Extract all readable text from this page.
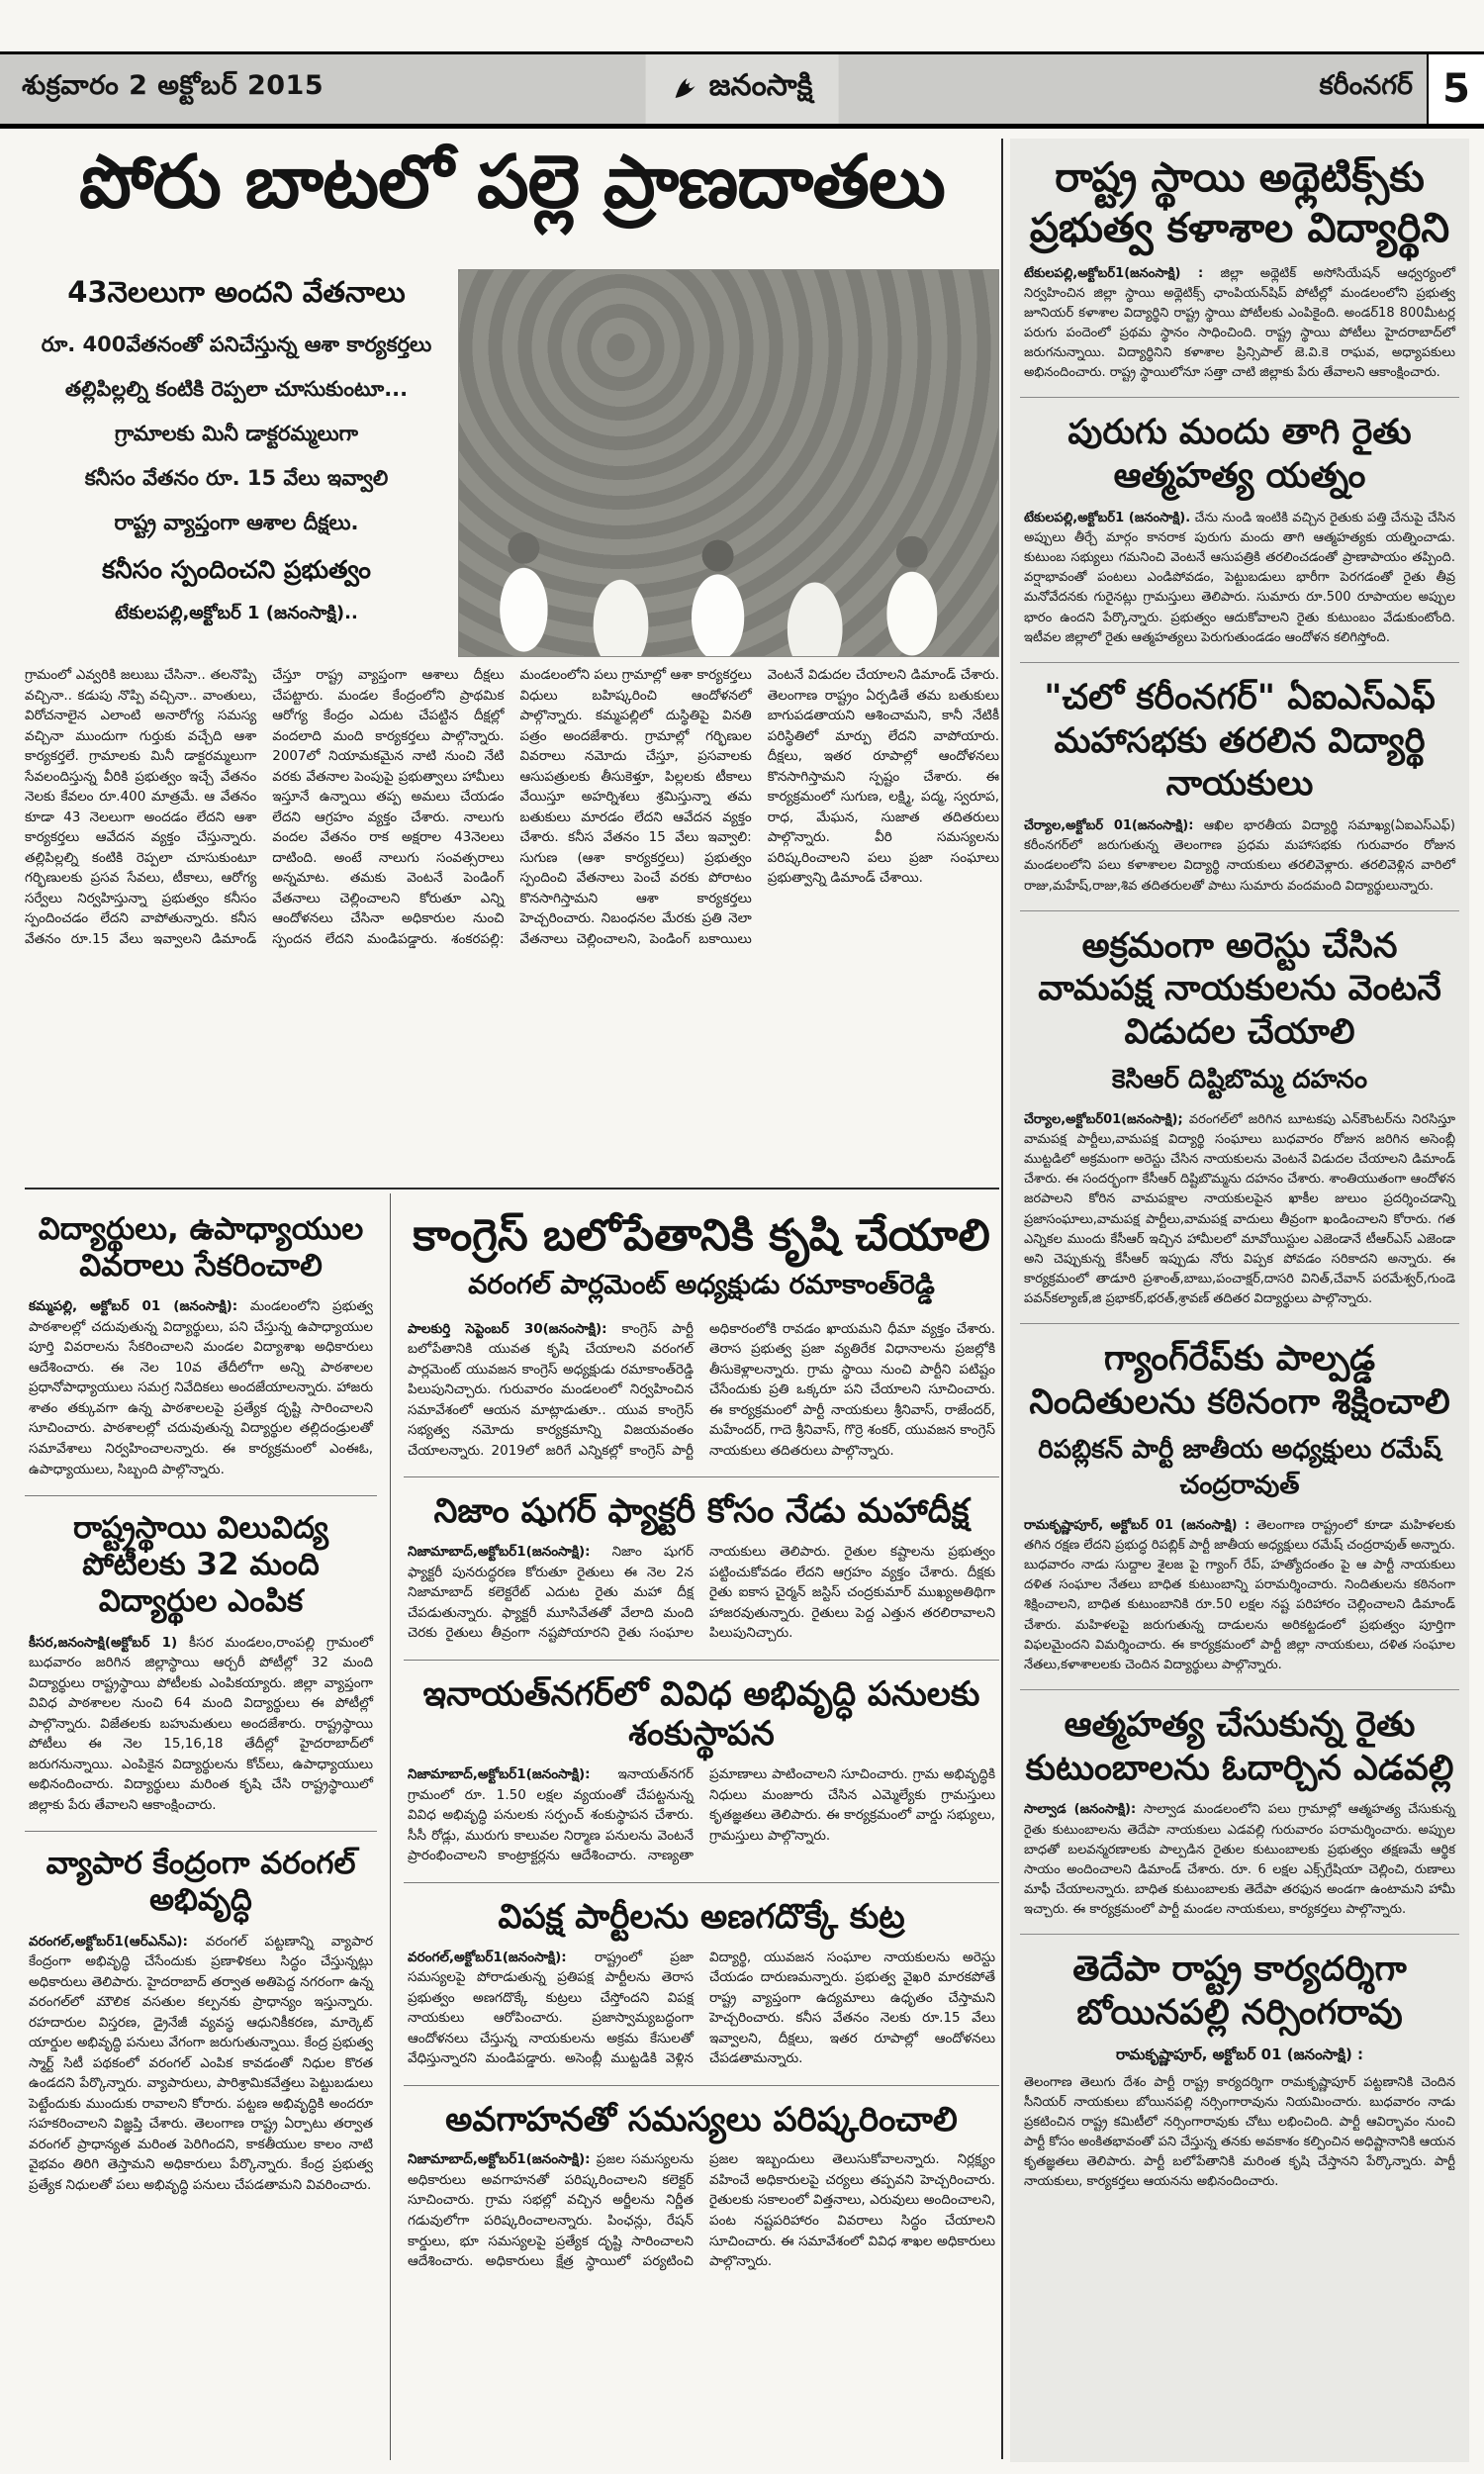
శుక్రవారం 2 అక్టోబర్ 2015	జనంసాక్షి	కరీంనగర్ 5
పోరు బాటలో పల్లె ప్రాణదాతలు
43నెలలుగా అందని వేతనాలు
రూ. 400వేతనంతో పనిచేస్తున్న ఆశా కార్యకర్తలు
తల్లిపిల్లల్ని కంటికి రెప్పలా చూసుకుంటూ...
గ్రామాలకు మినీ డాక్టరమ్మలుగా
కనీసం వేతనం రూ. 15 వేలు ఇవ్వాలి
రాష్ట్ర వ్యాప్తంగా ఆశాల దీక్షలు.
కనీసం స్పందించని ప్రభుత్వం
టేకులపల్లి,అక్టోబర్ 1 (జనంసాక్షి)..

గ్రామంలో ఎవ్వరికి జలుబు చేసినా.. తలనొప్పి వచ్చినా.. కడుపు నొప్పి వచ్చినా.. వాంతులు, విరోచనాలైన ఎలాంటి అనారోగ్య సమస్య వచ్చినా ముందుగా గుర్తుకు వచ్చేది ఆశా కార్యకర్తలే. గ్రామాలకు మినీ డాక్టరమ్మలుగా సేవలందిస్తున్న వీరికి ప్రభుత్వం ఇచ్చే వేతనం నెలకు కేవలం రూ.400 మాత్రమే. ఆ వేతనం కూడా 43 నెలలుగా అందడం లేదని ఆశా కార్యకర్తలు ఆవేదన వ్యక్తం చేస్తున్నారు. తల్లిపిల్లల్ని కంటికి రెప్పలా చూసుకుంటూ గర్భిణులకు ప్రసవ సేవలు, టీకాలు, ఆరోగ్య సర్వేలు నిర్వహిస్తున్నా ప్రభుత్వం కనీసం స్పందించడం లేదని వాపోతున్నారు. కనీస వేతనం రూ.15 వేలు ఇవ్వాలని డిమాండ్ చేస్తూ రాష్ట్ర వ్యాప్తంగా ఆశాలు దీక్షలు చేపట్టారు. మండల కేంద్రంలోని ప్రాథమిక ఆరోగ్య కేంద్రం ఎదుట చేపట్టిన దీక్షల్లో వందలాది మంది కార్యకర్తలు పాల్గొన్నారు. 2007లో నియామకమైన నాటి నుంచి నేటి వరకు వేతనాల పెంపుపై ప్రభుత్వాలు హామీలు ఇస్తూనే ఉన్నాయి తప్ప అమలు చేయడం లేదని ఆగ్రహం వ్యక్తం చేశారు. నాలుగు వందల వేతనం రాక అక్షరాల 43నెలలు దాటింది. అంటే నాలుగు సంవత్సరాలు అన్నమాట. తమకు వెంటనే పెండింగ్ వేతనాలు చెల్లించాలని కోరుతూ ఎన్ని ఆందోళనలు చేసినా అధికారుల నుంచి స్పందన లేదని మండిపడ్డారు. శంకరపల్లి: మండలంలోని పలు గ్రామాల్లో ఆశా కార్యకర్తలు విధులు బహిష్కరించి ఆందోళనలో పాల్గొన్నారు. కమ్మపల్లిలో దుస్థితిపై వినతి పత్రం అందజేశారు. గ్రామాల్లో గర్భిణుల వివరాలు నమోదు చేస్తూ, ప్రసవాలకు ఆసుపత్రులకు తీసుకెళ్తూ, పిల్లలకు టీకాలు వేయిస్తూ అహర్నిశలు శ్రమిస్తున్నా తమ బతుకులు మారడం లేదని ఆవేదన వ్యక్తం చేశారు. కనీస వేతనం 15 వేలు ఇవ్వాలి: సుగుణ (ఆశా కార్యకర్తలు) ప్రభుత్వం స్పందించి వేతనాలు పెంచే వరకు పోరాటం కొనసాగిస్తామని ఆశా కార్యకర్తలు హెచ్చరించారు. నిబంధనల మేరకు ప్రతి నెలా వేతనాలు చెల్లించాలని, పెండింగ్ బకాయిలు వెంటనే విడుదల చేయాలని డిమాండ్ చేశారు. తెలంగాణ రాష్ట్రం ఏర్పడితే తమ బతుకులు బాగుపడతాయని ఆశించామని, కానీ నేటికీ పరిస్థితిలో మార్పు లేదని వాపోయారు. దీక్షలు, ఇతర రూపాల్లో ఆందోళనలు కొనసాగిస్తామని స్పష్టం చేశారు. ఈ కార్యక్రమంలో సుగుణ, లక్ష్మి, పద్మ, స్వరూప, రాధ, మేఘన, సుజాత తదితరులు పాల్గొన్నారు. వీరి సమస్యలను పరిష్కరించాలని పలు ప్రజా సంఘాలు ప్రభుత్వాన్ని డిమాండ్ చేశాయి.

విద్యార్థులు, ఉపాధ్యాయుల వివరాలు సేకరించాలి

కమ్మపల్లి, అక్టోబర్ 01 (జనంసాక్షి): మండలంలోని ప్రభుత్వ పాఠశాలల్లో చదువుతున్న విద్యార్థులు, పని చేస్తున్న ఉపాధ్యాయుల పూర్తి వివరాలను సేకరించాలని మండల విద్యాశాఖ అధికారులు ఆదేశించారు. ఈ నెల 10వ తేదీలోగా అన్ని పాఠశాలల ప్రధానోపాధ్యాయులు సమగ్ర నివేదికలు అందజేయాలన్నారు. హాజరు శాతం తక్కువగా ఉన్న పాఠశాలలపై ప్రత్యేక దృష్టి సారించాలని సూచించారు. పాఠశాలల్లో చదువుతున్న విద్యార్థుల తల్లిదండ్రులతో సమావేశాలు నిర్వహించాలన్నారు. ఈ కార్యక్రమంలో ఎంఈఓ, ఉపాధ్యాయులు, సిబ్బంది పాల్గొన్నారు.

రాష్ట్రస్థాయి విలువిద్య పోటీలకు 32 మంది విద్యార్థుల ఎంపిక

కీసర,జనంసాక్షి(అక్టోబర్ 1) కీసర మండలం,రాంపల్లి గ్రామంలో బుధవారం జరిగిన జిల్లాస్థాయి ఆర్చరీ పోటీల్లో 32 మంది విద్యార్థులు రాష్ట్రస్థాయి పోటీలకు ఎంపికయ్యారు. జిల్లా వ్యాప్తంగా వివిధ పాఠశాలల నుంచి 64 మంది విద్యార్థులు ఈ పోటీల్లో పాల్గొన్నారు. విజేతలకు బహుమతులు అందజేశారు. రాష్ట్రస్థాయి పోటీలు ఈ నెల 15,16,18 తేదీల్లో హైదరాబాద్‌లో జరుగనున్నాయి. ఎంపికైన విద్యార్థులను కోచ్‌లు, ఉపాధ్యాయులు అభినందించారు. విద్యార్థులు మరింత కృషి చేసి రాష్ట్రస్థాయిలో జిల్లాకు పేరు తేవాలని ఆకాంక్షించారు.

వ్యాపార కేంద్రంగా వరంగల్ అభివృద్ధి

వరంగల్,అక్టోబర్1(ఆర్ఎన్ఎ): వరంగల్ పట్టణాన్ని వ్యాపార కేంద్రంగా అభివృద్ధి చేసేందుకు ప్రణాళికలు సిద్ధం చేస్తున్నట్లు అధికారులు తెలిపారు. హైదరాబాద్ తర్వాత అతిపెద్ద నగరంగా ఉన్న వరంగల్‌లో మౌలిక వసతుల కల్పనకు ప్రాధాన్యం ఇస్తున్నారు. రహదారుల విస్తరణ, డ్రైనేజీ వ్యవస్థ ఆధునికీకరణ, మార్కెట్ యార్డుల అభివృద్ధి పనులు వేగంగా జరుగుతున్నాయి. కేంద్ర ప్రభుత్వ స్మార్ట్ సిటీ పథకంలో వరంగల్ ఎంపిక కావడంతో నిధుల కొరత ఉండదని పేర్కొన్నారు. వ్యాపారులు, పారిశ్రామికవేత్తలు పెట్టుబడులు పెట్టేందుకు ముందుకు రావాలని కోరారు. పట్టణ అభివృద్ధికి అందరూ సహకరించాలని విజ్ఞప్తి చేశారు. తెలంగాణ రాష్ట్ర ఏర్పాటు తర్వాత వరంగల్ ప్రాధాన్యత మరింత పెరిగిందని, కాకతీయుల కాలం నాటి వైభవం తిరిగి తెస్తామని అధికారులు పేర్కొన్నారు. కేంద్ర ప్రభుత్వ ప్రత్యేక నిధులతో పలు అభివృద్ధి పనులు చేపడతామని వివరించారు.

కాంగ్రెస్ బలోపేతానికి కృషి చేయాలి
వరంగల్ పార్లమెంట్ అధ్యక్షుడు రమాకాంత్‌రెడ్డి

పాలకుర్తి సెప్టెంబర్ 30(జనంసాక్షి): కాంగ్రెస్ పార్టీ బలోపేతానికి యువత కృషి చేయాలని వరంగల్ పార్లమెంట్ యువజన కాంగ్రెస్ అధ్యక్షుడు రమాకాంత్‌రెడ్డి పిలుపునిచ్చారు. గురువారం మండలంలో నిర్వహించిన సమావేశంలో ఆయన మాట్లాడుతూ.. యువ కాంగ్రెస్ సభ్యత్వ నమోదు కార్యక్రమాన్ని విజయవంతం చేయాలన్నారు. 2019లో జరిగే ఎన్నికల్లో కాంగ్రెస్ పార్టీ అధికారంలోకి రావడం ఖాయమని ధీమా వ్యక్తం చేశారు. తెరాస ప్రభుత్వ ప్రజా వ్యతిరేక విధానాలను ప్రజల్లోకి తీసుకెళ్లాలన్నారు. గ్రామ స్థాయి నుంచి పార్టీని పటిష్టం చేసేందుకు ప్రతి ఒక్కరూ పని చేయాలని సూచించారు. ఈ కార్యక్రమంలో పార్టీ నాయకులు శ్రీనివాస్, రాజేందర్, మహేందర్, గాదె శ్రీనివాస్, గొర్రె శంకర్, యువజన కాంగ్రెస్ నాయకులు తదితరులు పాల్గొన్నారు.

నిజాం షుగర్ ఫ్యాక్టరీ కోసం నేడు మహాదీక్ష

నిజామాబాద్,అక్టోబర్1(జనంసాక్షి): నిజాం షుగర్ ఫ్యాక్టరీ పునరుద్ధరణ కోరుతూ రైతులు ఈ నెల 2న నిజామాబాద్ కలెక్టరేట్ ఎదుట రైతు మహా దీక్ష చేపడుతున్నారు. ఫ్యాక్టరీ మూసివేతతో వేలాది మంది చెరకు రైతులు తీవ్రంగా నష్టపోయారని రైతు సంఘాల నాయకులు తెలిపారు. రైతుల కష్టాలను ప్రభుత్వం పట్టించుకోవడం లేదని ఆగ్రహం వ్యక్తం చేశారు. దీక్షకు రైతు ఐకాస చైర్మన్ జస్టిస్ చంద్రకుమార్ ముఖ్యఅతిథిగా హాజరవుతున్నారు. రైతులు పెద్ద ఎత్తున తరలిరావాలని పిలుపునిచ్చారు.

ఇనాయత్‌నగర్‌లో వివిధ అభివృద్ధి పనులకు శంకుస్థాపన

నిజామాబాద్,అక్టోబర్1(జనంసాక్షి): ఇనాయత్‌నగర్ గ్రామంలో రూ. 1.50 లక్షల వ్యయంతో చేపట్టనున్న వివిధ అభివృద్ధి పనులకు సర్పంచ్ శంకుస్థాపన చేశారు. సీసీ రోడ్లు, మురుగు కాలువల నిర్మాణ పనులను వెంటనే ప్రారంభించాలని కాంట్రాక్టర్లను ఆదేశించారు. నాణ్యతా ప్రమాణాలు పాటించాలని సూచించారు. గ్రామ అభివృద్ధికి నిధులు మంజూరు చేసిన ఎమ్మెల్యేకు గ్రామస్తులు కృతజ్ఞతలు తెలిపారు. ఈ కార్యక్రమంలో వార్డు సభ్యులు, గ్రామస్తులు పాల్గొన్నారు.

విపక్ష పార్టీలను అణగదొక్కే కుట్ర

వరంగల్,అక్టోబర్1(జనంసాక్షి): రాష్ట్రంలో ప్రజా సమస్యలపై పోరాడుతున్న ప్రతిపక్ష పార్టీలను తెరాస ప్రభుత్వం అణగదొక్కే కుట్రలు చేస్తోందని విపక్ష నాయకులు ఆరోపించారు. ప్రజాస్వామ్యబద్ధంగా ఆందోళనలు చేస్తున్న నాయకులను అక్రమ కేసులతో వేధిస్తున్నారని మండిపడ్డారు. అసెంబ్లీ ముట్టడికి వెళ్లిన విద్యార్థి, యువజన సంఘాల నాయకులను అరెస్టు చేయడం దారుణమన్నారు. ప్రభుత్వ వైఖరి మారకపోతే రాష్ట్ర వ్యాప్తంగా ఉద్యమాలు ఉధృతం చేస్తామని హెచ్చరించారు. కనీస వేతనం నెలకు రూ.15 వేలు ఇవ్వాలని, దీక్షలు, ఇతర రూపాల్లో ఆందోళనలు చేపడతామన్నారు.

అవగాహనతో సమస్యలు పరిష్కరించాలి

నిజామాబాద్,అక్టోబర్1(జనంసాక్షి): ప్రజల సమస్యలను అధికారులు అవగాహనతో పరిష్కరించాలని కలెక్టర్ సూచించారు. గ్రామ సభల్లో వచ్చిన అర్జీలను నిర్ణీత గడువులోగా పరిష్కరించాలన్నారు. పింఛన్లు, రేషన్ కార్డులు, భూ సమస్యలపై ప్రత్యేక దృష్టి సారించాలని ఆదేశించారు. అధికారులు క్షేత్ర స్థాయిలో పర్యటించి ప్రజల ఇబ్బందులు తెలుసుకోవాలన్నారు. నిర్లక్ష్యం వహించే అధికారులపై చర్యలు తప్పవని హెచ్చరించారు. రైతులకు సకాలంలో విత్తనాలు, ఎరువులు అందించాలని, పంట నష్టపరిహారం వివరాలు సిద్ధం చేయాలని సూచించారు. ఈ సమావేశంలో వివిధ శాఖల అధికారులు పాల్గొన్నారు.

రాష్ట్ర స్థాయి అథ్లెటిక్స్‌కు ప్రభుత్వ కళాశాల విద్యార్థిని

టేకులపల్లి,అక్టోబర్1(జనంసాక్షి) : జిల్లా అథ్లెటిక్ అసోసియేషన్ ఆధ్వర్యంలో నిర్వహించిన జిల్లా స్థాయి అథ్లెటిక్స్ ఛాంపియన్‌షిప్ పోటీల్లో మండలంలోని ప్రభుత్వ జూనియర్ కళాశాల విద్యార్థిని రాష్ట్ర స్థాయి పోటీలకు ఎంపికైంది. అండర్18 800మీటర్ల పరుగు పందెంలో ప్రథమ స్థానం సాధించింది. రాష్ట్ర స్థాయి పోటీలు హైదరాబాద్‌లో జరుగనున్నాయి. విద్యార్థినిని కళాశాల ప్రిన్సిపాల్ జె.వి.కె రాఘవ, అధ్యాపకులు అభినందించారు. రాష్ట్ర స్థాయిలోనూ సత్తా చాటి జిల్లాకు పేరు తేవాలని ఆకాంక్షించారు.

పురుగు మందు తాగి రైతు ఆత్మహత్య యత్నం

టేకులపల్లి,అక్టోబర్1 (జనంసాక్షి). చేను నుండి ఇంటికి వచ్చిన రైతుకు పత్తి చేనుపై చేసిన అప్పులు తీర్చే మార్గం కానరాక పురుగు మందు తాగి ఆత్మహత్యకు యత్నించాడు. కుటుంబ సభ్యులు గమనించి వెంటనే ఆసుపత్రికి తరలించడంతో ప్రాణాపాయం తప్పింది. వర్షాభావంతో పంటలు ఎండిపోవడం, పెట్టుబడులు భారీగా పెరగడంతో రైతు తీవ్ర మనోవేదనకు గురైనట్లు గ్రామస్తులు తెలిపారు. సుమారు రూ.500 రూపాయల అప్పుల భారం ఉందని పేర్కొన్నారు. ప్రభుత్వం ఆదుకోవాలని రైతు కుటుంబం వేడుకుంటోంది. ఇటీవల జిల్లాలో రైతు ఆత్మహత్యలు పెరుగుతుండడం ఆందోళన కలిగిస్తోంది.

"చలో కరీంనగర్" ఏఐఎస్ఎఫ్ మహాసభకు తరలిన విద్యార్థి నాయకులు

చేర్యాల,అక్టోబర్ 01(జనంసాక్షి): ఆఖిల భారతీయ విద్యార్థి సమాఖ్య(ఏఐఎస్ఎఫ్) కరీంనగర్‌లో జరుగుతున్న తెలంగాణ ప్రధమ మహాసభకు గురువారం రోజున మండలంలోని పలు కళాశాలల విద్యార్థి నాయకులు తరలివెళ్లారు. తరలివెళ్లిన వారిలో రాజు,మహేష్,రాజు,శివ తదితరులతో పాటు సుమారు వందమంది విద్యార్థులున్నారు.

అక్రమంగా అరెస్టు చేసిన వామపక్ష నాయకులను వెంటనే విడుదల చేయాలి
కెసిఆర్ దిష్టిబొమ్మ దహనం

చేర్యాల,అక్టోబర్01(జనంసాక్షి); వరంగల్‌లో జరిగిన బూటకపు ఎన్‌కౌంటర్‌ను నిరసిస్తూ వామపక్ష పార్టీలు,వామపక్ష విద్యార్థి సంఘాలు బుధవారం రోజున జరిగిన అసెంబ్లీ ముట్టడిలో అక్రమంగా అరెస్టు చేసిన నాయకులను వెంటనే విడుదల చేయాలని డిమాండ్ చేశారు. ఈ సందర్భంగా కేసీఆర్ దిష్టిబొమ్మను దహనం చేశారు. శాంతియుతంగా ఆందోళన జరపాలని కోరిన వామపక్షాల నాయకులపైన ఖాకీల జులుం ప్రదర్శించడాన్ని ప్రజాసంఘాలు,వామపక్ష పార్టీలు,వామపక్ష వాదులు తీవ్రంగా ఖండించాలని కోరారు. గత ఎన్నికల ముందు కేసీఆర్ ఇచ్చిన హామీలలో మావోయిస్టుల ఎజెండానే టీఆర్ఎస్ ఎజెండా అని చెప్పుకున్న కేసీఆర్ ఇప్పుడు నోరు విప్పక పోవడం సరికాదని అన్నారు. ఈ కార్యక్రమంలో తాడూరి ప్రశాంత్,బాబు,పంచాక్షర్,దాసరి వినిత్,చేవాన్ పరమేశ్వర్,గుండె పవన్‌కల్యాణ్,జి ప్రభాకర్,భరత్,శ్రావణ్ తదితర విద్యార్థులు పాల్గొన్నారు.

గ్యాంగ్‌రేప్‌కు పాల్పడ్డ నిందితులను కఠినంగా శిక్షించాలి
రిపబ్లికన్ పార్టీ జాతీయ అధ్యక్షులు రమేష్ చంద్రరావుత్

రామకృష్ణాపూర్, అక్టోబర్ 01 (జనంసాక్షి) : తెలంగాణ రాష్ట్రంలో కూడా మహిళలకు తగిన రక్షణ లేదని ప్రభుద్ధ రిపబ్లిక్ పార్టీ జాతీయ అధ్యక్షులు రమేష్ చంద్రరావుత్ అన్నారు. బుధవారం నాడు సుద్దాల శైలజ పై గ్యాంగ్ రేప్, హత్యోదంతం పై ఆ పార్టీ నాయకులు దళిత సంఘాల నేతలు బాధిత కుటుంబాన్ని పరామర్శించారు. నిందితులను కఠినంగా శిక్షించాలని, బాధిత కుటుంబానికి రూ.50 లక్షల నష్ట పరిహారం చెల్లించాలని డిమాండ్ చేశారు. మహిళలపై జరుగుతున్న దాడులను అరికట్టడంలో ప్రభుత్వం పూర్తిగా విఫలమైందని విమర్శించారు. ఈ కార్యక్రమంలో పార్టీ జిల్లా నాయకులు, దళిత సంఘాల నేతలు,కళాశాలలకు చెందిన విద్యార్థులు పాల్గొన్నారు.

ఆత్మహత్య చేసుకున్న రైతు కుటుంబాలను ఓదార్చిన ఎడవల్లి

సాల్వాడ (జనంసాక్షి): సాల్వాడ మండలంలోని పలు గ్రామాల్లో ఆత్మహత్య చేసుకున్న రైతు కుటుంబాలను తెదేపా నాయకులు ఎడవల్లి గురువారం పరామర్శించారు. అప్పుల బాధతో బలవన్మరణాలకు పాల్పడిన రైతుల కుటుంబాలకు ప్రభుత్వం తక్షణమే ఆర్థిక సాయం అందించాలని డిమాండ్ చేశారు. రూ. 6 లక్షల ఎక్స్‌గ్రేషియా చెల్లించి, రుణాలు మాఫీ చేయాలన్నారు. బాధిత కుటుంబాలకు తెదేపా తరఫున అండగా ఉంటామని హామీ ఇచ్చారు. ఈ కార్యక్రమంలో పార్టీ మండల నాయకులు, కార్యకర్తలు పాల్గొన్నారు.

తెదేపా రాష్ట్ర కార్యదర్శిగా బోయినపల్లి నర్సింగరావు
రామకృష్ణాపూర్, అక్టోబర్ 01 (జనంసాక్షి) :

తెలంగాణ తెలుగు దేశం పార్టీ రాష్ట్ర కార్యదర్శిగా రామకృష్ణాపూర్ పట్టణానికి చెందిన సీనియర్ నాయకులు బోయినపల్లి నర్సింగారావును నియమించారు. బుధవారం నాడు ప్రకటించిన రాష్ట్ర కమిటీలో నర్సింగారావుకు చోటు లభించింది. పార్టీ ఆవిర్భావం నుంచి పార్టీ కోసం అంకితభావంతో పని చేస్తున్న తనకు అవకాశం కల్పించిన అధిష్టానానికి ఆయన కృతజ్ఞతలు తెలిపారు. పార్టీ బలోపేతానికి మరింత కృషి చేస్తానని పేర్కొన్నారు. పార్టీ నాయకులు, కార్యకర్తలు ఆయనను అభినందించారు.
